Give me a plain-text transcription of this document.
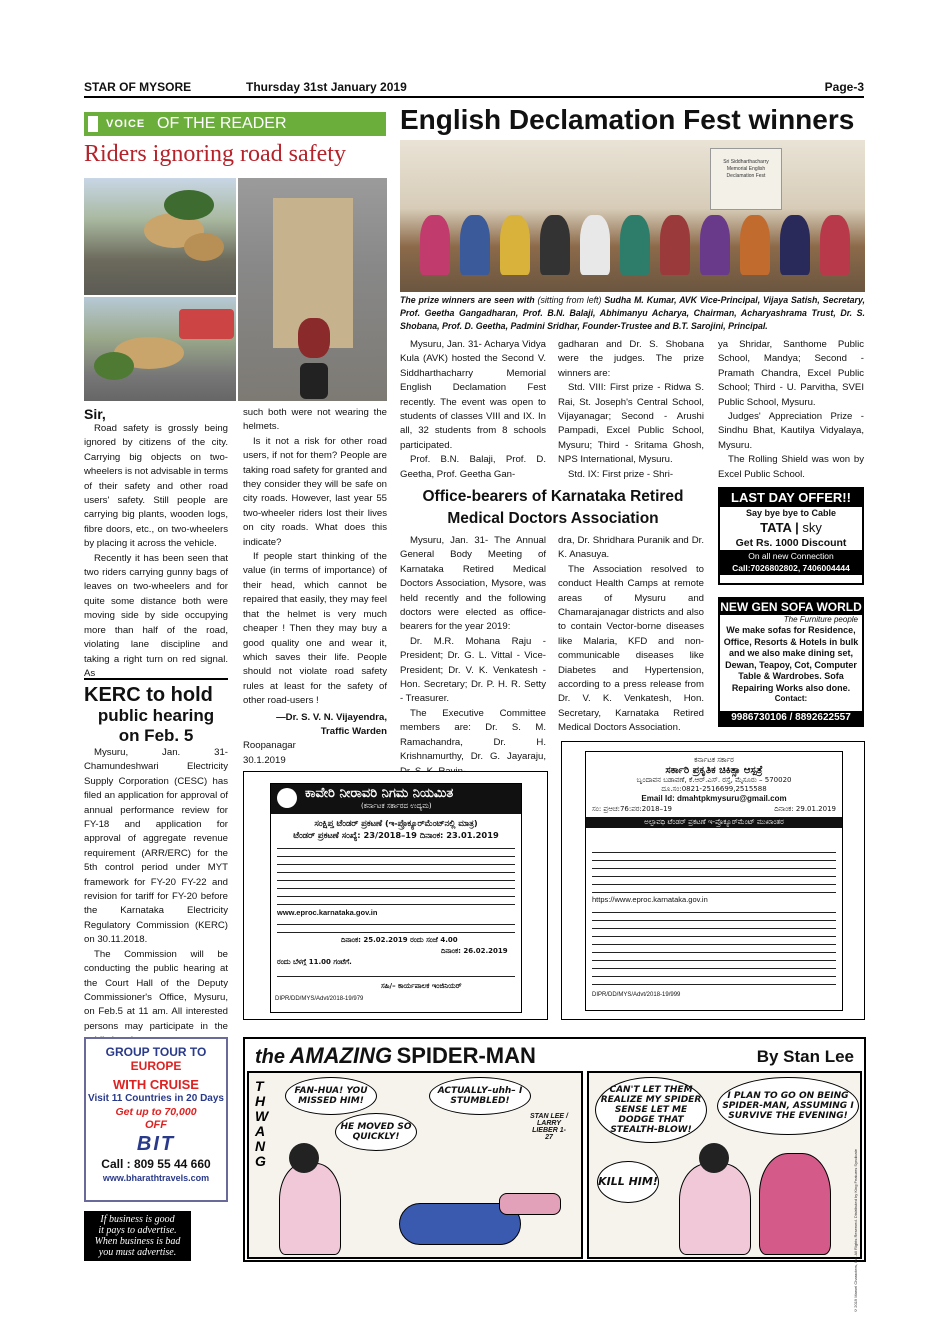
STAR OF MYSORE	Thursday 31st January 2019	Page-3
VOICE OF THE READER
Riders ignoring road safety

Sir,

Road safety is grossly being ignored by citizens of the city. Carrying big objects on two-wheelers is not advisable in terms of their safety and other road users' safety. Still people are carrying big plants, wooden logs, fibre doors, etc., on two-wheelers by placing it across the vehicle.

Recently it has been seen that two riders carrying gunny bags of leaves on two-wheelers and for quite some distance both were moving side by side occupying more than half of the road, violating lane discipline and taking a right turn on red signal. As

such both were not wearing the helmets.

Is it not a risk for other road users, if not for them? People are taking road safety for granted and they consider they will be safe on city roads. However, last year 55 two-wheeler riders lost their lives on city roads. What does this indicate?

If people start thinking of the value (in terms of importance) of their head, which cannot be repaired that easily, they may feel that the helmet is very much cheaper ! Then they may buy a good quality one and wear it, which saves their life. People should not violate road safety rules at least for the safety of other road-users !

—Dr. S. V. N. Vijayendra,

Traffic Warden

Roopanagar

30.1.2019

KERC to hold
public hearing
on Feb. 5

Mysuru, Jan. 31- Chamundeshwari Electricity Supply Corporation (CESC) has filed an application for approval of annual performance review for FY-18 and application for approval of aggregate revenue requirement (ARR/ERC) for the 5th control period under MYT framework for FY-20 FY-22 and revision for tariff for FY-20 before the Karnataka Electricity Regulatory Commission (KERC) on 30.11.2018.

The Commission will be conducting the public hearing at the Court Hall of the Deputy Commissioner's Office, Mysuru, on Feb.5 at 11 am. All interested persons may participate in the

English Declamation Fest winners
Sri Siddharthacharry Memorial English Declamation Fest
The prize winners are seen with (sitting from left) Sudha M. Kumar, AVK Vice-Principal, Vijaya Satish, Secretary, Prof. Geetha Gangadharan, Prof. B.N. Balaji, Abhimanyu Acharya, Chairman, Acharyashrama Trust, Dr. S. Shobana, Prof. D. Geetha, Padmini Sridhar, Founder-Trustee and B.T. Sarojini, Principal.

Mysuru, Jan. 31- Acharya Vidya Kula (AVK) hosted the Second V. Siddharthacharry Memorial English Declamation Fest recently. The event was open to students of classes VIII and IX. In all, 32 students from 8 schools participated.

Prof. B.N. Balaji, Prof. D. Geetha, Prof. Geetha Gan-

gadharan and Dr. S. Shobana were the judges. The prize winners are:

Std. VIII: First prize - Ridwa S. Rai, St. Joseph's Central School, Vijayanagar; Second - Arushi Pampadi, Excel Public School, Mysuru; Third - Sritama Ghosh, NPS International, Mysuru.

Std. IX: First prize - Shri-

ya Shridar, Santhome Public School, Mandya; Second - Pramath Chandra, Excel Public School; Third - U. Parvitha, SVEI Public School, Mysuru.

Judges' Appreciation Prize - Sindhu Bhat, Kautilya Vidyalaya, Mysuru.

The Rolling Shield was won by Excel Public School.

Office-bearers of Karnataka Retired
Medical Doctors Association

Mysuru, Jan. 31- The Annual General Body Meeting of Karnataka Retired Medical Doctors Association, Mysore, was held recently and the following doctors were elected as office-bearers for the year 2019:

Dr. M.R. Mohana Raju - President; Dr. G. L. Vittal - Vice-President; Dr. V. K. Venkatesh - Hon. Secretary; Dr. P. H. R. Setty - Treasurer.

The Executive Committee members are: Dr. S. M. Ramachandra, Dr. H. Krishnamurthy, Dr. G. Jayaraju,

dra, Dr. Shridhara Puranik and Dr. K. Anasuya.

The Association resolved to conduct Health Camps at remote areas of Mysuru and Chamarajanagar districts and also to contain Vector-borne diseases like Malaria, KFD and non-communicable diseases like Diabetes and Hypertension, according to a press release from Dr. V. K. Venkatesh, Hon. Secretary, Karnataka Retired Medical Doctors Association.

LAST DAY OFFER!!
Say bye bye to Cable
TATA | sky
Get Rs. 1000 Discount
On all new Connection
Call:7026802802, 7406004444
NEW GEN SOFA WORLD
The Furniture people
We make sofas for Residence, Office, Resorts & Hotels in bulk and we also make dining set, Dewan, Teapoy, Cot, Computer Table & Wardrobes. Sofa Repairing Works also done.
Contact:
9986730106 / 8892622557
ಕಾವೇರಿ ನೀರಾವರಿ ನಿಗಮ ನಿಯಮಿತ
(ಕರ್ನಾಟಕ ಸರ್ಕಾರದ ಉದ್ಯಮ)
ಸಂಕ್ಷಿಪ್ತ ಟೆಂಡರ್ ಪ್ರಕಟಣೆ (ಇ-ಪ್ರೊಕ್ಯೂರ್‌ಮೆಂಟ್‌ನಲ್ಲಿ ಮಾತ್ರ)
ಟೆಂಡರ್ ಪ್ರಕಟಣೆ ಸಂಖ್ಯೆ: 23/2018–19 ದಿನಾಂಕ: 23.01.2019
www.eproc.karnataka.gov.in
ದಿನಾಂಕ: 25.02.2019 ರಂದು ಸಂಜೆ 4.00
ದಿನಾಂಕ: 26.02.2019
ರಂದು ಬೆಳಗ್ಗೆ 11.00 ಗಂಟೆಗೆ.
ಸಹಿ/– ಕಾರ್ಯಪಾಲಕ ಇಂಜಿನಿಯರ್
DIPR/DD/MYS/Advt/2018-19/979
ಕರ್ನಾಟಕ ಸರ್ಕಾರ
ಸರ್ಕಾರಿ ಪ್ರಕೃತಿಕ ಚಿಕಿತ್ಸಾ ಆಸ್ಪತ್ರೆ
ಬೃಂದಾವನ ಬಡಾವಣೆ, ಕೆ.ಆರ್.ಎಸ್. ರಸ್ತೆ, ಮೈಸೂರು – 570020
ದೂ.ಸಂ:0821-2516699,2515588
Email Id: dmahtpkmysuru@gmail.com
ಸಂ: ಪ್ರಆಚ:76:ಪರ:2018–19	ದಿನಾಂಕ: 29.01.2019
ಅಲ್ಪಾವಧಿ ಟೆಂಡರ್ ಪ್ರಕಟಣೆ ಇ-ಪ್ರೊಕ್ಯೂರ್‌ಮೆಂಟ್ ಮುಖಾಂತರ
https://www.eproc.karnataka.gov.in
DIPR/DD/MYS/Advt/2018-19/999
GROUP TOUR TO
EUROPE
WITH CRUISE
Visit 11 Countries in 20 Days
Get up to 70,000
OFF
BIT
Call : 809 55 44 660
www.bharathtravels.com
If business is good
it pays to advertise.
When business is bad
you must advertise.
the AMAZING SPIDER-MAN	By Stan Lee
THWANG
FAN-HUA! YOU MISSED HIM!
ACTUALLY–uhh– I STUMBLED!
HE MOVED SO QUICKLY!
STAN LEE / LARRY LIEBER 1-27
CAN'T LET THEM REALIZE MY SPIDER SENSE LET ME DODGE THAT STEALTH-BLOW!
I PLAN TO GO ON BEING SPIDER-MAN, ASSUMING I SURVIVE THE EVENING!
KILL HIM!	©2019 Marvel Characters, Inc. All Rights Reserved. Distributed by King Features Syndicate
